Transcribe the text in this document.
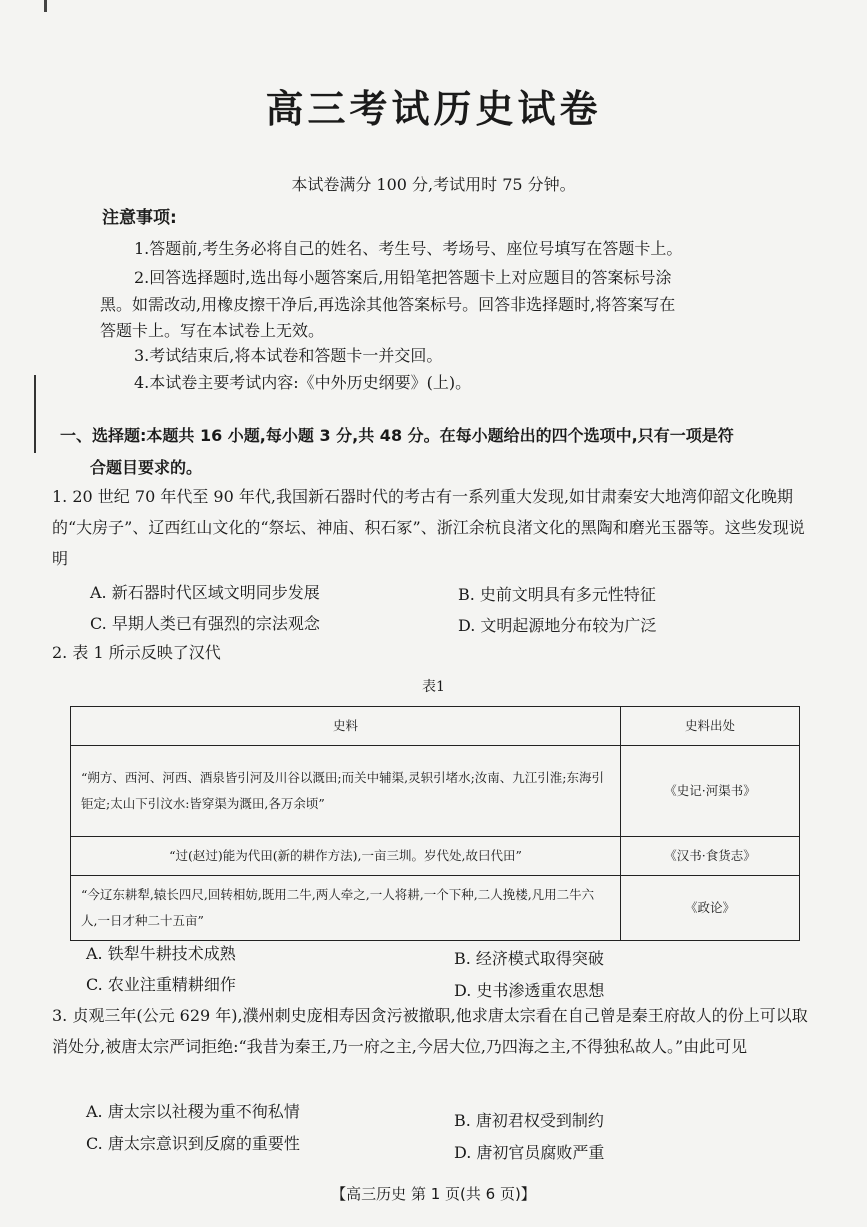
高三考试历史试卷
本试卷满分 100 分,考试用时 75 分钟。
注意事项:
1.答题前,考生务必将自己的姓名、考生号、考场号、座位号填写在答题卡上。
2.回答选择题时,选出每小题答案后,用铅笔把答题卡上对应题目的答案标号涂
黑。如需改动,用橡皮擦干净后,再选涂其他答案标号。回答非选择题时,将答案写在
答题卡上。写在本试卷上无效。
3.考试结束后,将本试卷和答题卡一并交回。
4.本试卷主要考试内容:《中外历史纲要》(上)。
一、选择题:本题共 16 小题,每小题 3 分,共 48 分。在每小题给出的四个选项中,只有一项是符
合题目要求的。
1. 20 世纪 70 年代至 90 年代,我国新石器时代的考古有一系列重大发现,如甘肃秦安大地湾仰韶文化晚期的“大房子”、辽西红山文化的“祭坛、神庙、积石冢”、浙江余杭良渚文化的黑陶和磨光玉器等。这些发现说明
A. 新石器时代区域文明同步发展	B. 史前文明具有多元性特征
C. 早期人类已有强烈的宗法观念	D. 文明起源地分布较为广泛
2. 表 1 所示反映了汉代
表1
史料	史料出处
“朔方、西河、河西、酒泉皆引河及川谷以溉田;而关中辅渠,灵轵引堵水;汝南、九江引淮;东海引钜定;太山下引汶水:皆穿渠为溉田,各万余顷”	《史记·河渠书》
“过(赵过)能为代田(新的耕作方法),一亩三圳。岁代处,故曰代田”	《汉书·食货志》
“今辽东耕犁,辕长四尺,回转相妨,既用二牛,两人牵之,一人将耕,一个下种,二人挽楼,凡用二牛六人,一日才种二十五亩”	《政论》
A. 铁犁牛耕技术成熟	B. 经济模式取得突破
C. 农业注重精耕细作	D. 史书渗透重农思想
3. 贞观三年(公元 629 年),濮州刺史庞相寿因贪污被撤职,他求唐太宗看在自己曾是秦王府故人的份上可以取消处分,被唐太宗严词拒绝:“我昔为秦王,乃一府之主,今居大位,乃四海之主,不得独私故人。”由此可见
A. 唐太宗以社稷为重不徇私情	B. 唐初君权受到制约
C. 唐太宗意识到反腐的重要性	D. 唐初官员腐败严重
【高三历史 第 1 页(共 6 页)】
